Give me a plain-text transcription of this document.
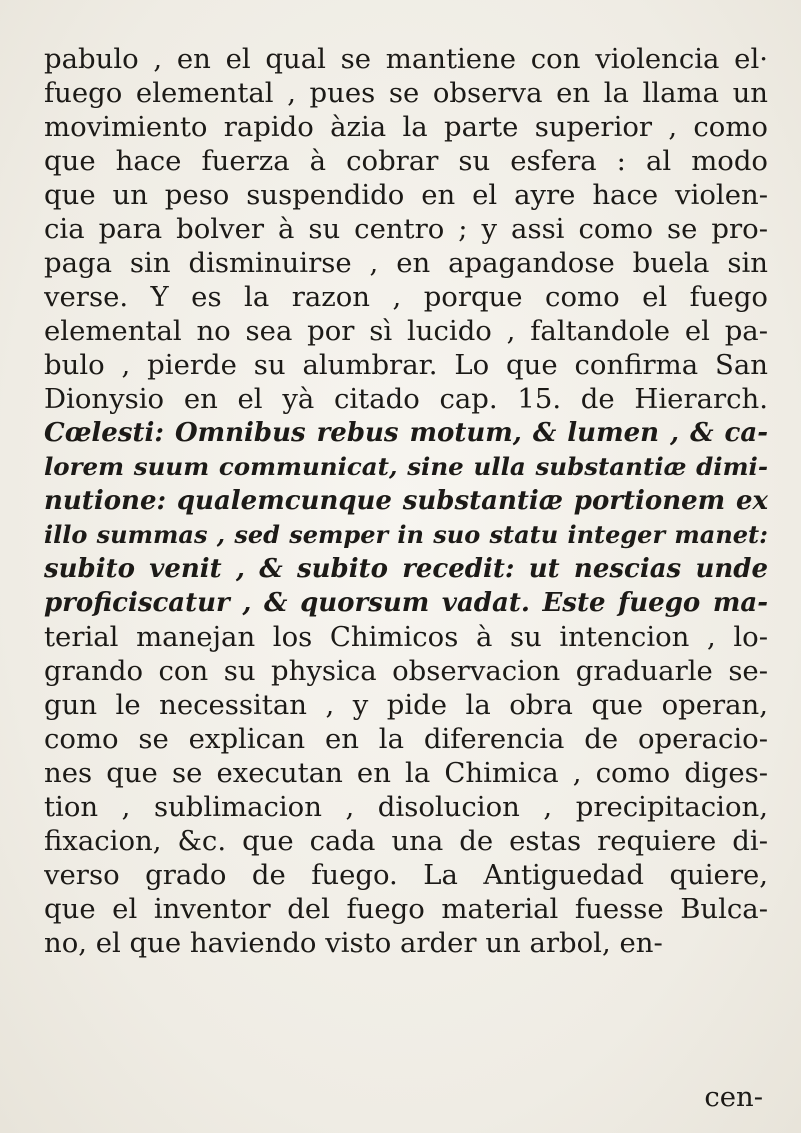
pabulo , en el qual se mantiene con violencia el·
fuego elemental , pues se observa en la llama un
movimiento rapido àzia la parte superior , como
que hace fuerza à cobrar su esfera : al modo
que un peso suspendido en el ayre hace violen-
cia para bolver à su centro ; y assi como se pro-
paga sin disminuirse , en apagandose buela sin
verse. Y es la razon , porque como el fuego
elemental no sea por sì lucido , faltandole el pa-
bulo , pierde su alumbrar. Lo que confirma San
Dionysio en el yà citado cap. 15. de Hierarch.
Cœlesti: Omnibus rebus motum, & lumen , & ca-
lorem suum communicat, sine ulla substantiæ dimi-
nutione: qualemcunque substantiæ portionem ex
illo summas , sed semper in suo statu integer manet:
subito venit , & subito recedit: ut nescias unde
proficiscatur , & quorsum vadat. Este fuego ma-
terial manejan los Chimicos à su intencion , lo-
grando con su physica observacion graduarle se-
gun le necessitan , y pide la obra que operan,
como se explican en la diferencia de operacio-
nes que se executan en la Chimica , como diges-
tion , sublimacion , disolucion , precipitacion,
fixacion, &c. que cada una de estas requiere di-
verso grado de fuego. La Antiguedad quiere,
que el inventor del fuego material fuesse Bulca-
no, el que haviendo visto arder un arbol, en-
cen-
